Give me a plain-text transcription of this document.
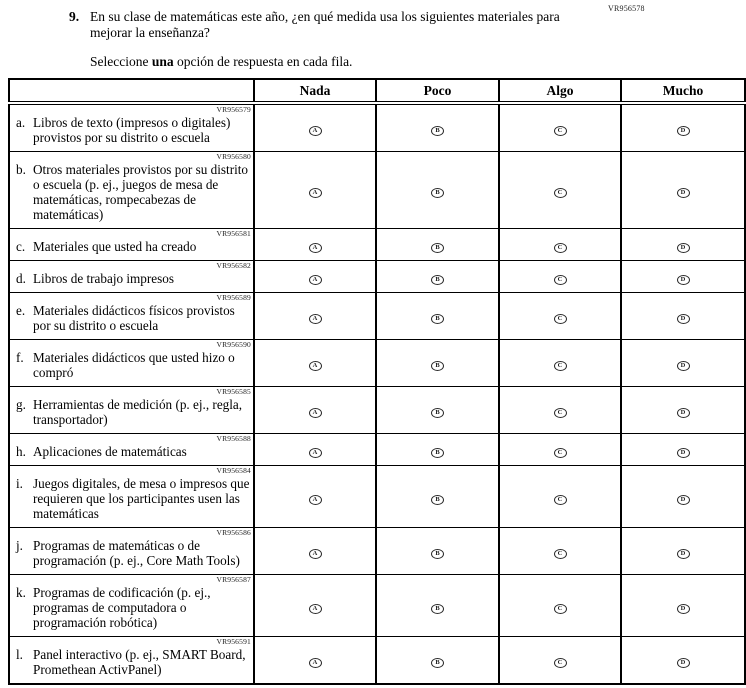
VR956578
9. En su clase de matemáticas este año, ¿en qué medida usa los siguientes materiales para mejorar la enseñanza?
Seleccione una opción de respuesta en cada fila.
	Nada	Poco	Algo	Mucho

VR956579
a. Libros de texto (impresos o digitales) provistos por su distrito o escuela	A	B	C	D

VR956580
b. Otros materiales provistos por su distrito o escuela (p. ej., juegos de mesa de matemáticas, rompecabezas de matemáticas)	A	B	C	D

VR956581
c. Materiales que usted ha creado	A	B	C	D

VR956582
d. Libros de trabajo impresos	A	B	C	D

VR956589
e. Materiales didácticos físicos provistos por su distrito o escuela	A	B	C	D

VR956590
f. Materiales didácticos que usted hizo o compró	A	B	C	D

VR956585
g. Herramientas de medición (p. ej., regla, transportador)	A	B	C	D

VR956588
h. Aplicaciones de matemáticas	A	B	C	D

VR956584
i. Juegos digitales, de mesa o impresos que requieren que los participantes usen las matemáticas	A	B	C	D

VR956586
j. Programas de matemáticas o de programación (p. ej., Core Math Tools)	A	B	C	D

VR956587
k. Programas de codificación (p. ej., programas de computadora o programación robótica)	A	B	C	D

VR956591
l. Panel interactivo (p. ej., SMART Board, Promethean ActivPanel)	A	B	C	D
